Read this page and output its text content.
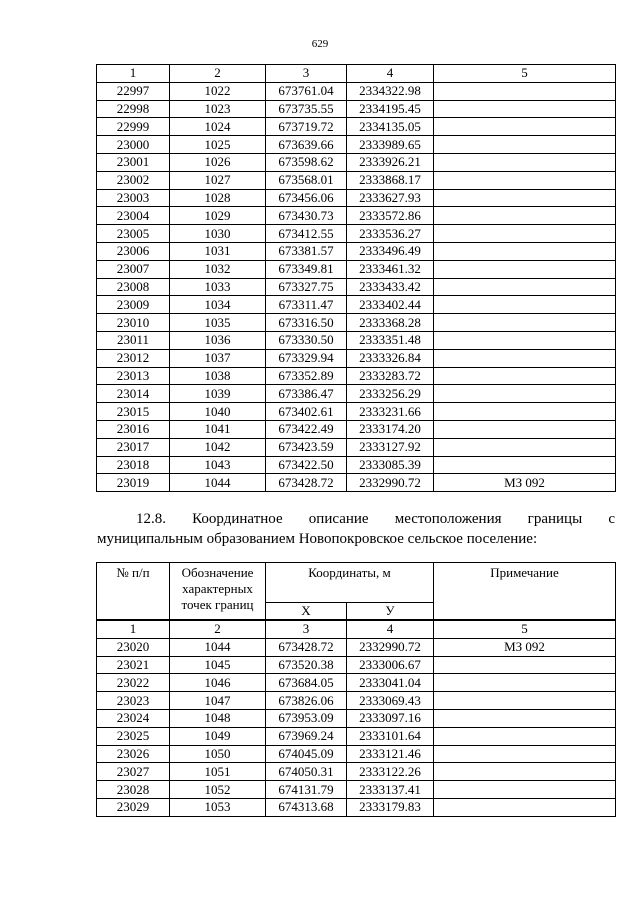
629
1	2	3	4	5
22997	1022	673761.04	2334322.98	
22998	1023	673735.55	2334195.45	
22999	1024	673719.72	2334135.05	
23000	1025	673639.66	2333989.65	
23001	1026	673598.62	2333926.21	
23002	1027	673568.01	2333868.17	
23003	1028	673456.06	2333627.93	
23004	1029	673430.73	2333572.86	
23005	1030	673412.55	2333536.27	
23006	1031	673381.57	2333496.49	
23007	1032	673349.81	2333461.32	
23008	1033	673327.75	2333433.42	
23009	1034	673311.47	2333402.44	
23010	1035	673316.50	2333368.28	
23011	1036	673330.50	2333351.48	
23012	1037	673329.94	2333326.84	
23013	1038	673352.89	2333283.72	
23014	1039	673386.47	2333256.29	
23015	1040	673402.61	2333231.66	
23016	1041	673422.49	2333174.20	
23017	1042	673423.59	2333127.92	
23018	1043	673422.50	2333085.39	
23019	1044	673428.72	2332990.72	МЗ 092
12.8. Координатное описание местоположения границы с
муниципальным образованием Новопокровское сельское поселение:
№ п/п	Обозначение характерных точек границ	Координаты, м		Примечание
		Х	У	
1	2	3	4	5
23020	1044	673428.72	2332990.72	МЗ 092
23021	1045	673520.38	2333006.67	
23022	1046	673684.05	2333041.04	
23023	1047	673826.06	2333069.43	
23024	1048	673953.09	2333097.16	
23025	1049	673969.24	2333101.64	
23026	1050	674045.09	2333121.46	
23027	1051	674050.31	2333122.26	
23028	1052	674131.79	2333137.41	
23029	1053	674313.68	2333179.83	
